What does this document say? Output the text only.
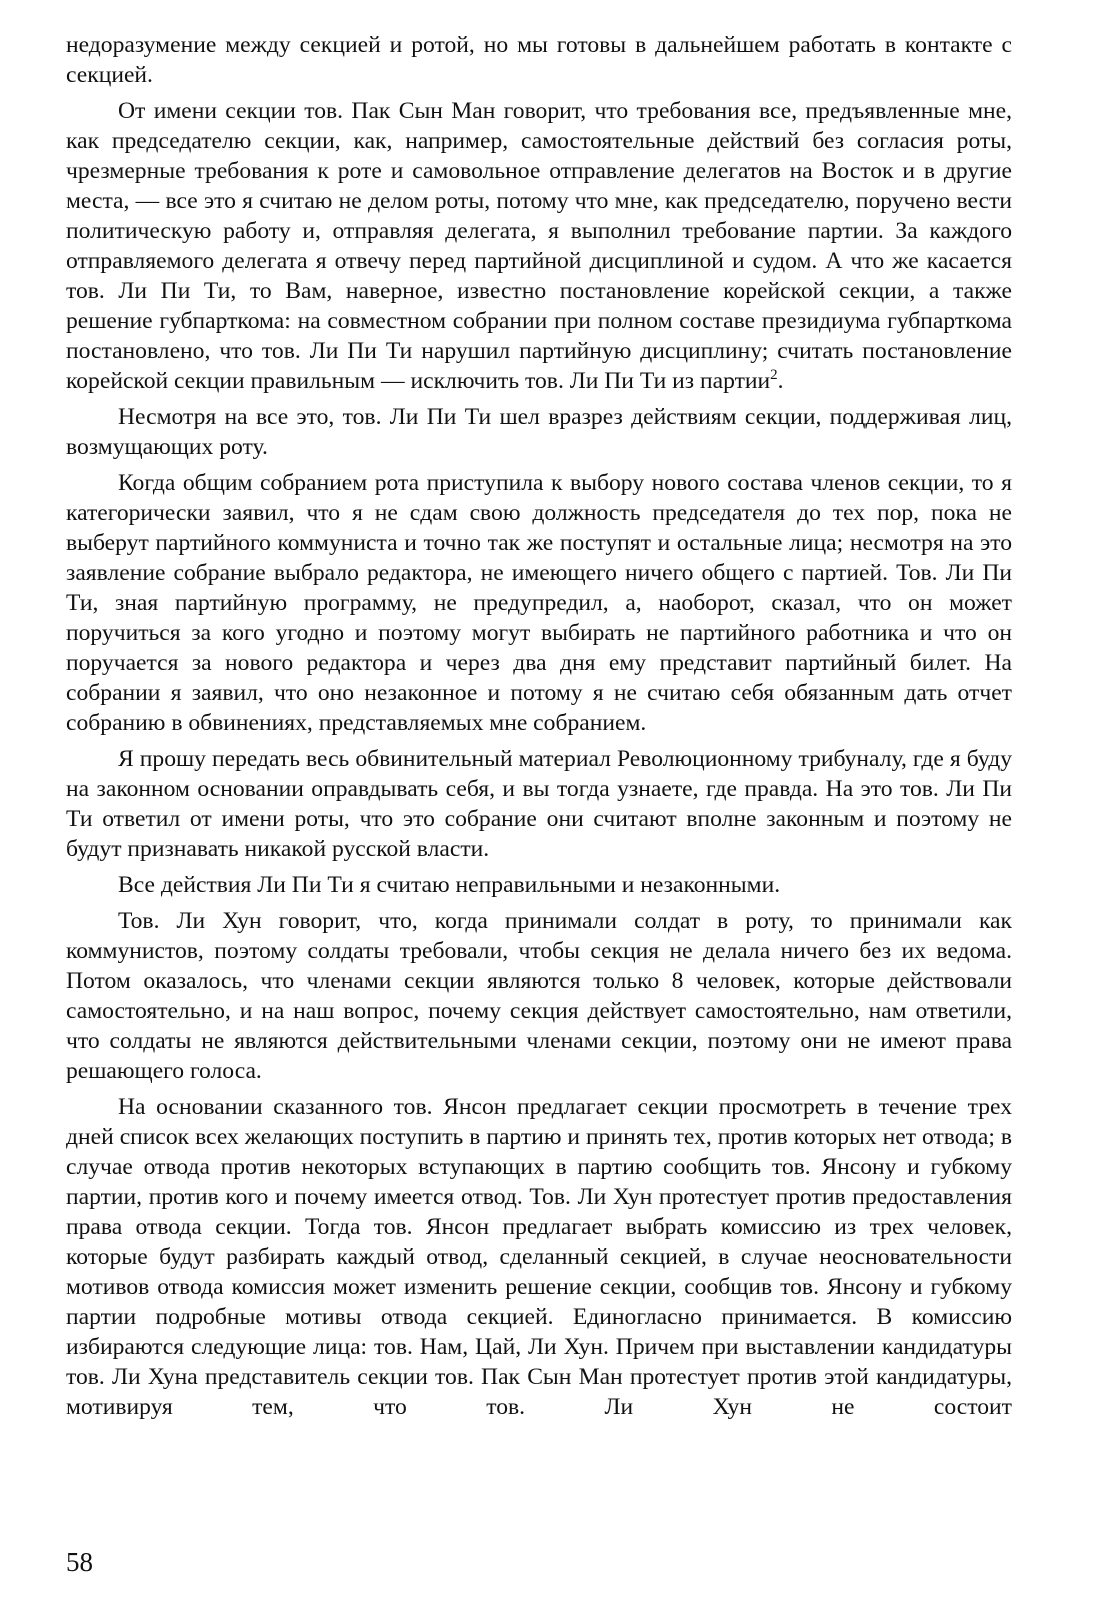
недоразумение между секцией и ротой, но мы готовы в дальнейшем работать в контакте с секцией.

От имени секции тов. Пак Сын Ман говорит, что требования все, предъявленные мне, как председателю секции, как, например, самостоятельные действий без согласия роты, чрезмерные требования к роте и самовольное отправление делегатов на Восток и в другие места, — все это я считаю не делом роты, потому что мне, как председателю, поручено вести политическую работу и, отправляя делегата, я выполнил требование партии. За каждого отправляемого делегата я отвечу перед партийной дисциплиной и судом. А что же касается тов. Ли Пи Ти, то Вам, наверное, известно постановление корейской секции, а также решение губпарткома: на совместном собрании при полном составе президиума губпарткома постановлено, что тов. Ли Пи Ти нарушил партийную дисциплину; считать постановление корейской секции правильным — исключить тов. Ли Пи Ти из партии$^2$.

Несмотря на все это, тов. Ли Пи Ти шел вразрез действиям секции, поддерживая лиц, возмущающих роту.

Когда общим собранием рота приступила к выбору нового состава членов секции, то я категорически заявил, что я не сдам свою должность председателя до тех пор, пока не выберут партийного коммуниста и точно так же поступят и остальные лица; несмотря на это заявление собрание выбрало редактора, не имеющего ничего общего с партией. Тов. Ли Пи Ти, зная партийную программу, не предупредил, а, наоборот, сказал, что он может поручиться за кого угодно и поэтому могут выбирать не партийного работника и что он поручается за нового редактора и через два дня ему представит партийный билет. На собрании я заявил, что оно незаконное и потому я не считаю себя обязанным дать отчет собранию в обвинениях, представляемых мне собранием.

Я прошу передать весь обвинительный материал Революционному трибуналу, где я буду на законном основании оправдывать себя, и вы тогда узнаете, где правда. На это тов. Ли Пи Ти ответил от имени роты, что это собрание они считают вполне законным и поэтому не будут признавать никакой русской власти.

Все действия Ли Пи Ти я считаю неправильными и незаконными.

Тов. Ли Хун говорит, что, когда принимали солдат в роту, то принимали как коммунистов, поэтому солдаты требовали, чтобы секция не делала ничего без их ведома. Потом оказалось, что членами секции являются только 8 человек, которые действовали самостоятельно, и на наш вопрос, почему секция действует самостоятельно, нам ответили, что солдаты не являются действительными членами секции, поэтому они не имеют права решающего голоса.

На основании сказанного тов. Янсон предлагает секции просмотреть в течение трех дней список всех желающих поступить в партию и принять тех, против которых нет отвода; в случае отвода против некоторых вступающих в партию сообщить тов. Янсону и губкому партии, против кого и почему имеется отвод. Тов. Ли Хун протестует против предоставления права отвода секции. Тогда тов. Янсон предлагает выбрать комиссию из трех человек, которые будут разбирать каждый отвод, сделанный секцией, в случае неосновательности мотивов отвода комиссия может изменить решение секции, сообщив тов. Янсону и губкому партии подробные мотивы отвода секцией. Единогласно принимается. В комиссию избираются следующие лица: тов. Нам, Цай, Ли Хун. Причем при выставлении кандидатуры тов. Ли Хуна представитель секции тов. Пак Сын Ман протестует против этой кандидатуры, мотивируя тем, что тов. Ли Хун не состоит

58
